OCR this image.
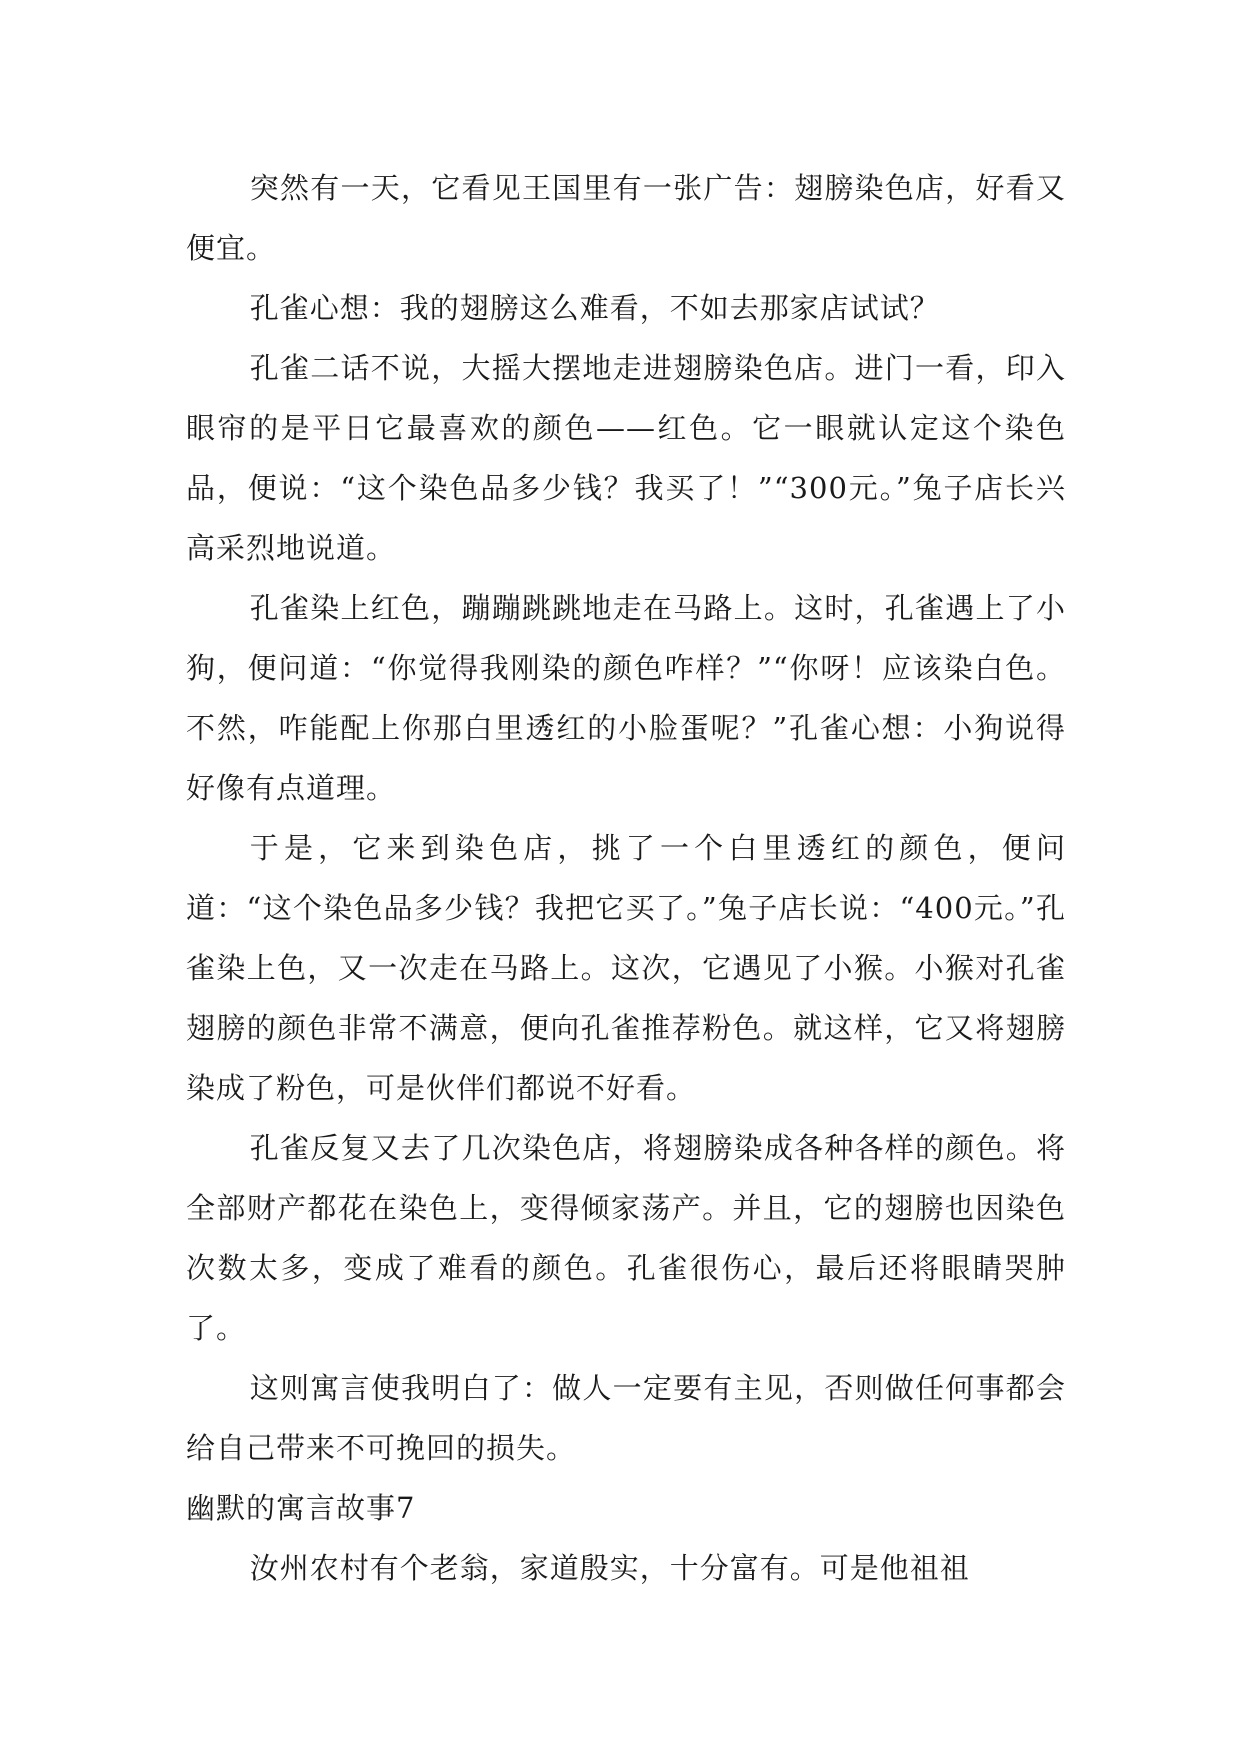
突然有一天，它看见王国里有一张广告：翅膀染色店，好看又便宜。

孔雀心想：我的翅膀这么难看，不如去那家店试试？

孔雀二话不说，大摇大摆地走进翅膀染色店。进门一看，印入眼帘的是平日它最喜欢的颜色——红色。它一眼就认定这个染色品，便说：“这个染色品多少钱？我买了！”“300元。”兔子店长兴高采烈地说道。

孔雀染上红色，蹦蹦跳跳地走在马路上。这时，孔雀遇上了小狗，便问道：“你觉得我刚染的颜色咋样？”“你呀！应该染白色。不然，咋能配上你那白里透红的小脸蛋呢？”孔雀心想：小狗说得好像有点道理。

于是，它来到染色店，挑了一个白里透红的颜色，便问道：“这个染色品多少钱？我把它买了。”兔子店长说：“400元。”孔雀染上色，又一次走在马路上。这次，它遇见了小猴。小猴对孔雀翅膀的颜色非常不满意，便向孔雀推荐粉色。就这样，它又将翅膀染成了粉色，可是伙伴们都说不好看。

孔雀反复又去了几次染色店，将翅膀染成各种各样的颜色。将全部财产都花在染色上，变得倾家荡产。并且，它的翅膀也因染色次数太多，变成了难看的颜色。孔雀很伤心，最后还将眼睛哭肿了。

这则寓言使我明白了：做人一定要有主见，否则做任何事都会给自己带来不可挽回的损失。

幽默的寓言故事7

汝州农村有个老翁，家道殷实，十分富有。可是他祖祖
